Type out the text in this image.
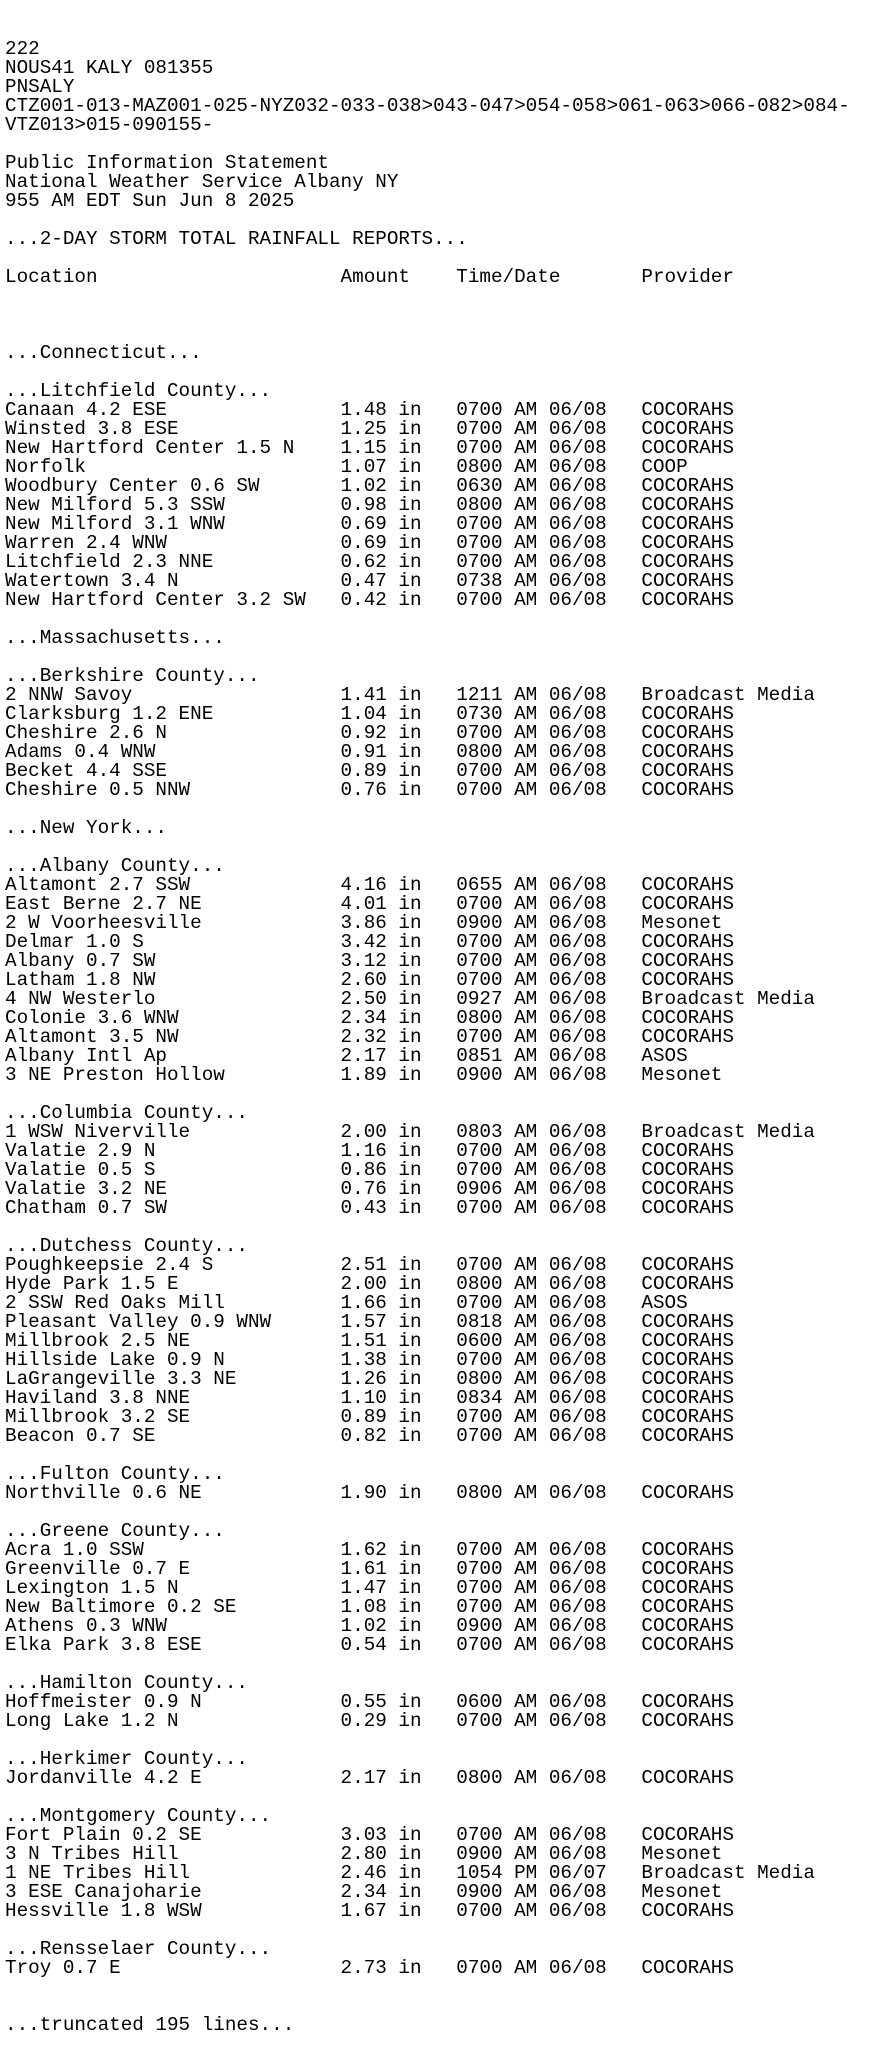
222
NOUS41 KALY 081355
PNSALY
CTZ001-013-MAZ001-025-NYZ032-033-038>043-047>054-058>061-063>066-082>084-
VTZ013>015-090155-
Public Information Statement
National Weather Service Albany NY
955 AM EDT Sun Jun 8 2025
...2-DAY STORM TOTAL RAINFALL REPORTS...
Location                     Amount    Time/Date       Provider

...Connecticut...
...Litchfield County...
Canaan 4.2 ESE               1.48 in   0700 AM 06/08   COCORAHS
Winsted 3.8 ESE              1.25 in   0700 AM 06/08   COCORAHS
New Hartford Center 1.5 N    1.15 in   0700 AM 06/08   COCORAHS
Norfolk                      1.07 in   0800 AM 06/08   COOP
Woodbury Center 0.6 SW       1.02 in   0630 AM 06/08   COCORAHS
New Milford 5.3 SSW          0.98 in   0800 AM 06/08   COCORAHS
New Milford 3.1 WNW          0.69 in   0700 AM 06/08   COCORAHS
Warren 2.4 WNW               0.69 in   0700 AM 06/08   COCORAHS
Litchfield 2.3 NNE           0.62 in   0700 AM 06/08   COCORAHS
Watertown 3.4 N              0.47 in   0738 AM 06/08   COCORAHS
New Hartford Center 3.2 SW   0.42 in   0700 AM 06/08   COCORAHS
...Massachusetts...
...Berkshire County...
2 NNW Savoy                  1.41 in   1211 AM 06/08   Broadcast Media
Clarksburg 1.2 ENE           1.04 in   0730 AM 06/08   COCORAHS
Cheshire 2.6 N               0.92 in   0700 AM 06/08   COCORAHS
Adams 0.4 WNW                0.91 in   0800 AM 06/08   COCORAHS
Becket 4.4 SSE               0.89 in   0700 AM 06/08   COCORAHS
Cheshire 0.5 NNW             0.76 in   0700 AM 06/08   COCORAHS
...New York...
...Albany County...
Altamont 2.7 SSW             4.16 in   0655 AM 06/08   COCORAHS
East Berne 2.7 NE            4.01 in   0700 AM 06/08   COCORAHS
2 W Voorheesville            3.86 in   0900 AM 06/08   Mesonet
Delmar 1.0 S                 3.42 in   0700 AM 06/08   COCORAHS
Albany 0.7 SW                3.12 in   0700 AM 06/08   COCORAHS
Latham 1.8 NW                2.60 in   0700 AM 06/08   COCORAHS
4 NW Westerlo                2.50 in   0927 AM 06/08   Broadcast Media
Colonie 3.6 WNW              2.34 in   0800 AM 06/08   COCORAHS
Altamont 3.5 NW              2.32 in   0700 AM 06/08   COCORAHS
Albany Intl Ap               2.17 in   0851 AM 06/08   ASOS
3 NE Preston Hollow          1.89 in   0900 AM 06/08   Mesonet
...Columbia County...
1 WSW Niverville             2.00 in   0803 AM 06/08   Broadcast Media
Valatie 2.9 N                1.16 in   0700 AM 06/08   COCORAHS
Valatie 0.5 S                0.86 in   0700 AM 06/08   COCORAHS
Valatie 3.2 NE               0.76 in   0906 AM 06/08   COCORAHS
Chatham 0.7 SW               0.43 in   0700 AM 06/08   COCORAHS
...Dutchess County...
Poughkeepsie 2.4 S           2.51 in   0700 AM 06/08   COCORAHS
Hyde Park 1.5 E              2.00 in   0800 AM 06/08   COCORAHS
2 SSW Red Oaks Mill          1.66 in   0700 AM 06/08   ASOS
Pleasant Valley 0.9 WNW      1.57 in   0818 AM 06/08   COCORAHS
Millbrook 2.5 NE             1.51 in   0600 AM 06/08   COCORAHS
Hillside Lake 0.9 N          1.38 in   0700 AM 06/08   COCORAHS
LaGrangeville 3.3 NE         1.26 in   0800 AM 06/08   COCORAHS
Haviland 3.8 NNE             1.10 in   0834 AM 06/08   COCORAHS
Millbrook 3.2 SE             0.89 in   0700 AM 06/08   COCORAHS
Beacon 0.7 SE                0.82 in   0700 AM 06/08   COCORAHS
...Fulton County...
Northville 0.6 NE            1.90 in   0800 AM 06/08   COCORAHS
...Greene County...
Acra 1.0 SSW                 1.62 in   0700 AM 06/08   COCORAHS
Greenville 0.7 E             1.61 in   0700 AM 06/08   COCORAHS
Lexington 1.5 N              1.47 in   0700 AM 06/08   COCORAHS
New Baltimore 0.2 SE         1.08 in   0700 AM 06/08   COCORAHS
Athens 0.3 WNW               1.02 in   0900 AM 06/08   COCORAHS
Elka Park 3.8 ESE            0.54 in   0700 AM 06/08   COCORAHS
...Hamilton County...
Hoffmeister 0.9 N            0.55 in   0600 AM 06/08   COCORAHS
Long Lake 1.2 N              0.29 in   0700 AM 06/08   COCORAHS
...Herkimer County...
Jordanville 4.2 E            2.17 in   0800 AM 06/08   COCORAHS
...Montgomery County...
Fort Plain 0.2 SE            3.03 in   0700 AM 06/08   COCORAHS
3 N Tribes Hill              2.80 in   0900 AM 06/08   Mesonet
1 NE Tribes Hill             2.46 in   1054 PM 06/07   Broadcast Media
3 ESE Canajoharie            2.34 in   0900 AM 06/08   Mesonet
Hessville 1.8 WSW            1.67 in   0700 AM 06/08   COCORAHS
...Rensselaer County...
Troy 0.7 E                   2.73 in   0700 AM 06/08   COCORAHS

...truncated 195 lines...
